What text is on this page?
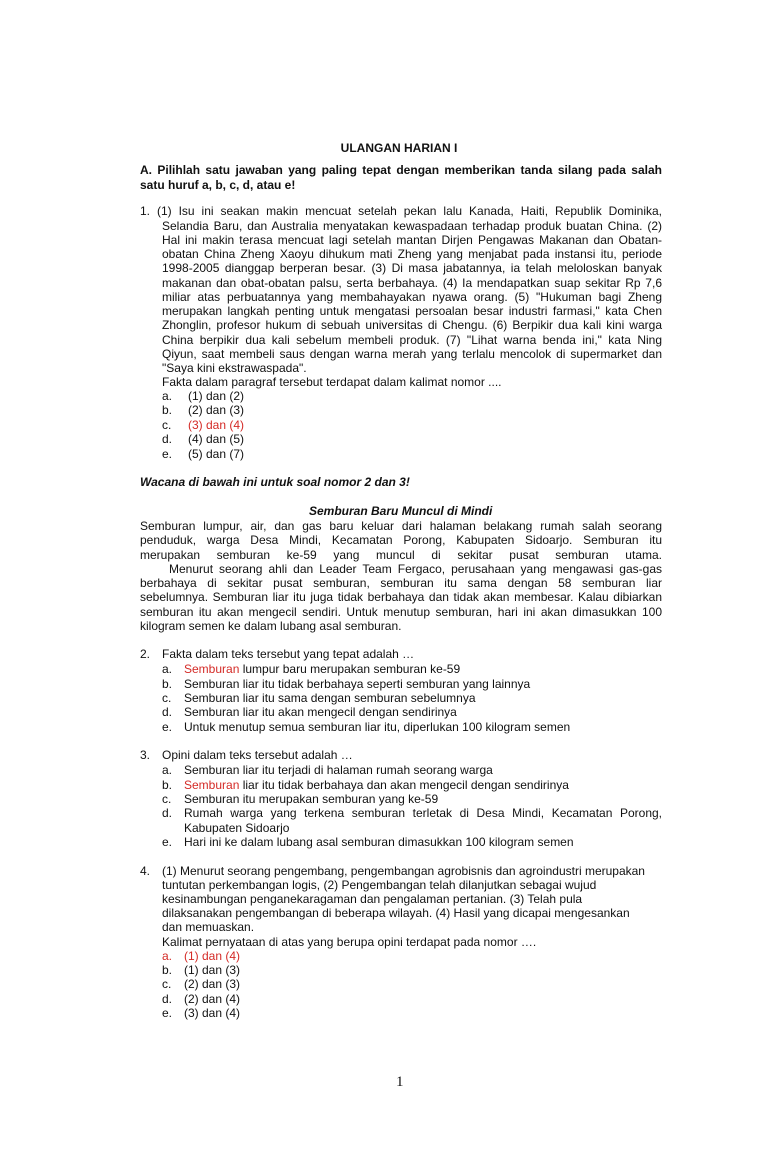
ULANGAN HARIAN I
A. Pilihlah satu jawaban yang paling tepat dengan memberikan tanda silang pada salah
satu huruf a, b, c, d, atau e!
1. (1) Isu ini seakan makin mencuat setelah pekan lalu Kanada, Haiti, Republik Dominika,
Selandia Baru, dan Australia menyatakan kewaspadaan terhadap produk buatan China. (2)
Hal ini makin terasa mencuat lagi setelah mantan Dirjen Pengawas Makanan dan Obatan-
obatan China Zheng Xaoyu dihukum mati Zheng yang menjabat pada instansi itu, periode
1998-2005 dianggap berperan besar. (3) Di masa jabatannya, ia telah meloloskan banyak
makanan dan obat-obatan palsu, serta berbahaya. (4) Ia mendapatkan suap sekitar Rp 7,6
miliar atas perbuatannya yang membahayakan nyawa orang. (5) "Hukuman bagi Zheng
merupakan langkah penting untuk mengatasi persoalan besar industri farmasi," kata Chen
Zhonglin, profesor hukum di sebuah universitas di Chengu. (6) Berpikir dua kali kini warga
China berpikir dua kali sebelum membeli produk. (7) "Lihat warna benda ini," kata Ning
Qiyun, saat membeli saus dengan warna merah yang terlalu mencolok di supermarket dan
"Saya kini ekstrawaspada".
Fakta dalam paragraf tersebut terdapat dalam kalimat nomor ....
a. (1) dan (2)
b. (2) dan (3)
c. (3) dan (4)
d. (4) dan (5)
e. (5) dan (7)
Wacana di bawah ini untuk soal nomor 2 dan 3!
Semburan Baru Muncul di Mindi
Semburan lumpur, air, dan gas baru keluar dari halaman belakang rumah salah seorang
penduduk, warga Desa Mindi, Kecamatan Porong, Kabupaten Sidoarjo. Semburan itu
merupakan semburan ke-59 yang muncul di sekitar pusat semburan utama.
Menurut seorang ahli dan Leader Team Fergaco, perusahaan yang mengawasi gas-gas
berbahaya di sekitar pusat semburan, semburan itu sama dengan 58 semburan liar
sebelumnya. Semburan liar itu juga tidak berbahaya dan tidak akan membesar. Kalau dibiarkan
semburan itu akan mengecil sendiri. Untuk menutup semburan, hari ini akan dimasukkan 100
kilogram semen ke dalam lubang asal semburan.
2. Fakta dalam teks tersebut yang tepat adalah …
a. Semburan lumpur baru merupakan semburan ke-59
b. Semburan liar itu tidak berbahaya seperti semburan yang lainnya
c. Semburan liar itu sama dengan semburan sebelumnya
d. Semburan liar itu akan mengecil dengan sendirinya
e. Untuk menutup semua semburan liar itu, diperlukan 100 kilogram semen
3. Opini dalam teks tersebut adalah …
a. Semburan liar itu terjadi di halaman rumah seorang warga
b. Semburan liar itu tidak berbahaya dan akan mengecil dengan sendirinya
c. Semburan itu merupakan semburan yang ke-59
d. Rumah warga yang terkena semburan terletak di Desa Mindi, Kecamatan Porong,
e. Hari ini ke dalam lubang asal semburan dimasukkan 100 kilogram semen
Kabupaten Sidoarjo
4. (1) Menurut seorang pengembang, pengembangan agrobisnis dan agroindustri merupakan
tuntutan perkembangan logis, (2) Pengembangan telah dilanjutkan sebagai wujud
kesinambungan penganekaragaman dan pengalaman pertanian. (3) Telah pula
dilaksanakan pengembangan di beberapa wilayah. (4) Hasil yang dicapai mengesankan
dan memuaskan.
Kalimat pernyataan di atas yang berupa opini terdapat pada nomor ….
a. (1) dan (4)
b. (1) dan (3)
c. (2) dan (3)
d. (2) dan (4)
e. (3) dan (4)
1
